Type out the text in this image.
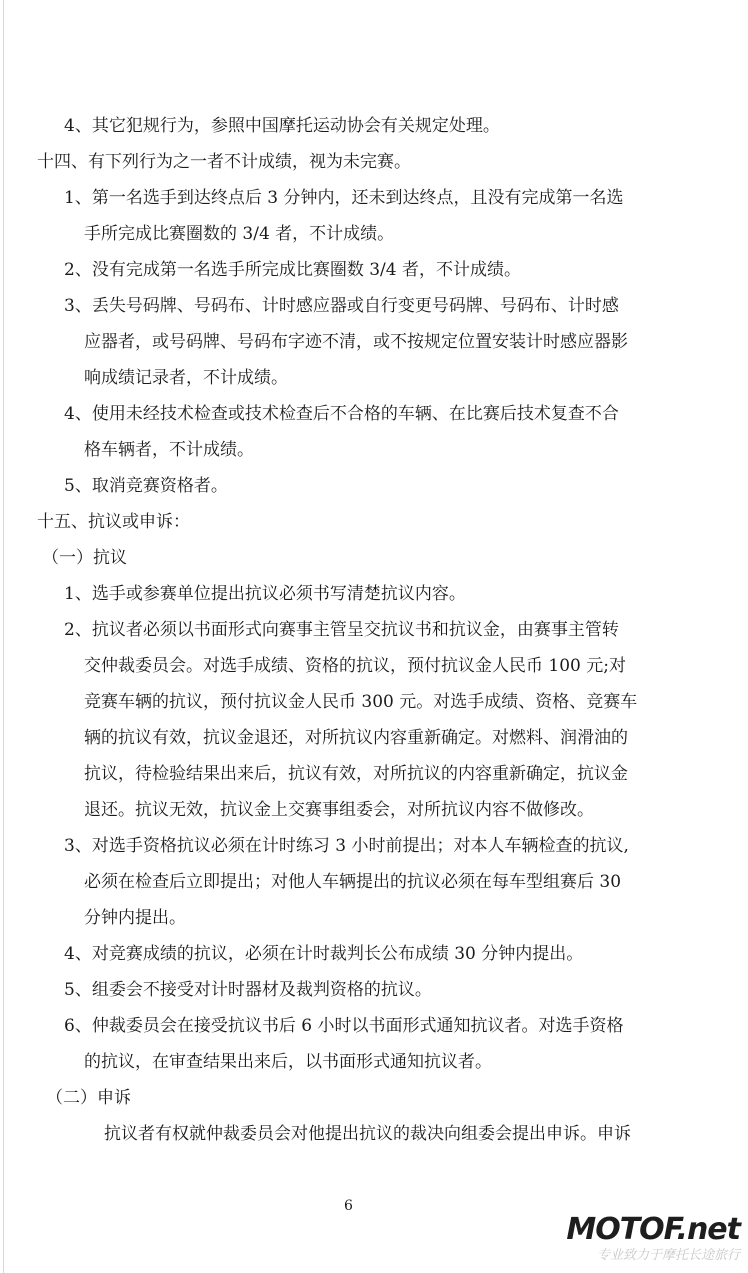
4、其它犯规行为，参照中国摩托运动协会有关规定处理。
十四、有下列行为之一者不计成绩，视为未完赛。
1、第一名选手到达终点后 3 分钟内，还未到达终点，且没有完成第一名选
手所完成比赛圈数的 3/4 者，不计成绩。
2、没有完成第一名选手所完成比赛圈数 3/4 者，不计成绩。
3、丢失号码牌、号码布、计时感应器或自行变更号码牌、号码布、计时感
应器者，或号码牌、号码布字迹不清，或不按规定位置安装计时感应器影
响成绩记录者，不计成绩。
4、使用未经技术检查或技术检查后不合格的车辆、在比赛后技术复查不合
格车辆者，不计成绩。
5、取消竞赛资格者。
十五、抗议或申诉：
（一）抗议
1、选手或参赛单位提出抗议必须书写清楚抗议内容。
2、抗议者必须以书面形式向赛事主管呈交抗议书和抗议金，由赛事主管转
交仲裁委员会。对选手成绩、资格的抗议，预付抗议金人民币 100 元;对
竞赛车辆的抗议，预付抗议金人民币 300 元。对选手成绩、资格、竞赛车
辆的抗议有效，抗议金退还，对所抗议内容重新确定。对燃料、润滑油的
抗议，待检验结果出来后，抗议有效，对所抗议的内容重新确定，抗议金
退还。抗议无效，抗议金上交赛事组委会，对所抗议内容不做修改。
3、对选手资格抗议必须在计时练习 3 小时前提出；对本人车辆检查的抗议,
必须在检查后立即提出；对他人车辆提出的抗议必须在每车型组赛后 30
分钟内提出。
4、对竞赛成绩的抗议，必须在计时裁判长公布成绩 30 分钟内提出。
5、组委会不接受对计时器材及裁判资格的抗议。
6、仲裁委员会在接受抗议书后 6 小时以书面形式通知抗议者。对选手资格
的抗议，在审查结果出来后，以书面形式通知抗议者。
（二）申诉
抗议者有权就仲裁委员会对他提出抗议的裁决向组委会提出申诉。申诉
6
MOTOF.net
专业致力于摩托长途旅行
